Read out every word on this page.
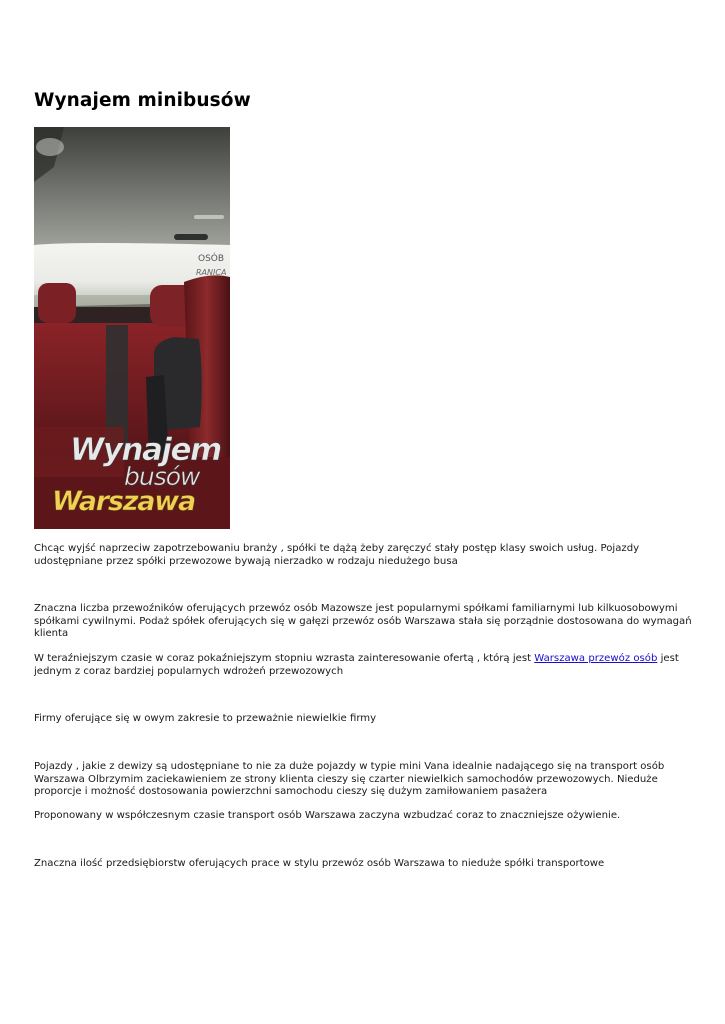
Wynajem minibusów
OSÓB
RANICA
Wynajem
busów
Warszawa

Chcąc wyjść naprzeciw zapotrzebowaniu branży , spółki te dążą żeby zaręczyć stały postęp klasy swoich usług. Pojazdy udostępniane przez spółki przewozowe bywają nierzadko w rodzaju niedużego busa

Znaczna liczba przewoźników oferujących przewóz osób Mazowsze jest popularnymi spółkami familiarnymi lub kilkuosobowymi spółkami cywilnymi. Podaż spółek oferujących się w gałęzi przewóz osób Warszawa stała się porządnie dostosowana do wymagań klienta

W teraźniejszym czasie w coraz pokaźniejszym stopniu wzrasta zainteresowanie ofertą , którą jest Warszawa przewóz osób jest jednym z coraz bardziej popularnych wdrożeń przewozowych

Firmy oferujące się w owym zakresie to przeważnie niewielkie firmy

Pojazdy , jakie z dewizy są udostępniane to nie za duże pojazdy w typie mini Vana idealnie nadającego się na transport osób Warszawa Olbrzymim zaciekawieniem ze strony klienta cieszy się czarter niewielkich samochodów przewozowych. Nieduże proporcje i możność dostosowania powierzchni samochodu cieszy się dużym zamiłowaniem pasażera

Proponowany w współczesnym czasie transport osób Warszawa zaczyna wzbudzać coraz to znaczniejsze ożywienie.

Znaczna ilość przedsiębiorstw oferujących prace w stylu przewóz osób Warszawa to nieduże spółki transportowe
